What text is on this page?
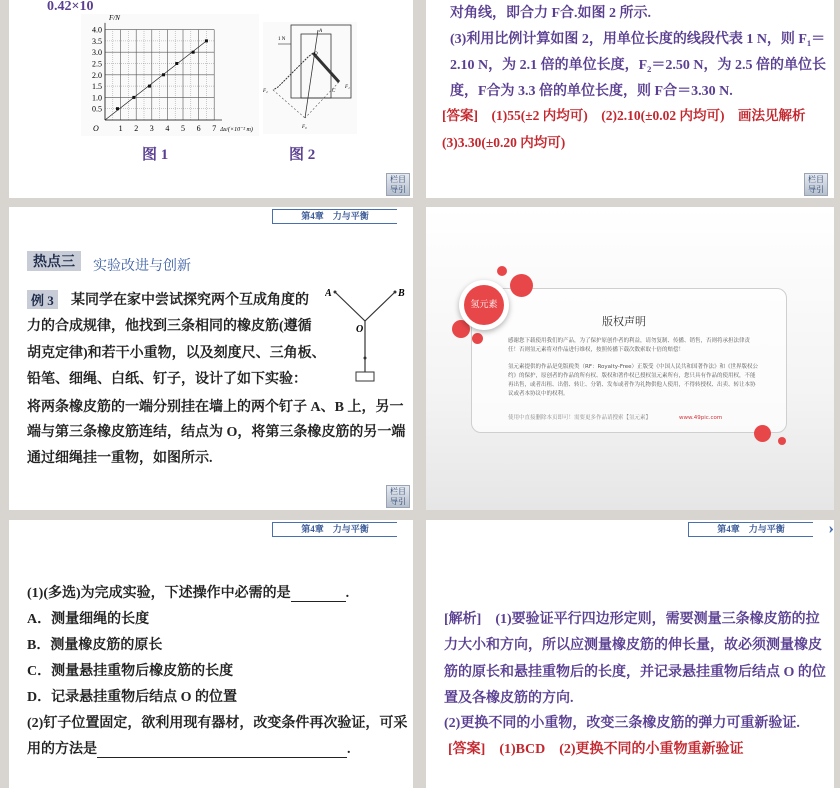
0.42×10
0.5
1.0
1.5
2.0
2.5
3.0
3.5
4.0
1 2 3 4 5 6 7 Δx/(×10⁻² m)
F/N
O
图 1
1 N
A
O
F₂	C
F₁
F₀
图 2
栏目
导引
对角线，即合力 F合.如图 2 所示.
(3)利用比例计算如图 2，用单位长度的线段代表 1 N，则 F₁＝
2.10 N，为 2.1 倍的单位长度，F₂＝2.50 N，为 2.5 倍的单位长
度，F合为 3.3 倍的单位长度，则 F合＝3.30 N.
[答案]　(1)55(±2 内均可)　(2)2.10(±0.02 内均可)　画法见解析
(3)3.30(±0.20 内均可)
栏目
导引
第4章　力与平衡	››
热点三	实验改进与创新
例 3 某同学在家中尝试探究两个互成角度的
力的合成规律，他找到三条相同的橡皮筋(遵循
胡克定律)和若干小重物，以及刻度尺、三角板、
铅笔、细绳、白纸、钉子，设计了如下实验：
将两条橡皮筋的一端分别挂在墙上的两个钉子 A、B 上，另一
端与第三条橡皮筋连结，结点为 O，将第三条橡皮筋的另一端
通过细绳挂一重物，如图所示.
A	B
O
栏目
导引
氢元素
版权声明
感谢您下载使用我们的产品，为了保护原创作者的利益，请勿复制、传播、销售，否则将承担法律责任！否则氢元素将对作品进行维权，按照传播下载次数索取十倍的赔偿！
氢元素提供的作品是免版税类（RF：Royalty-Free）正版受《中国人民共和国著作法》和《世界版权公约》的保护，原创者的作品的所有权、版权和著作权已授权氢元素所有，您只具有作品的使用权，不能再出售，或者出租、出借、转让、分销、发布或者作为礼物供他人使用，不得转授权、出卖、转让本协议或者本协议中的权利。
使用中直接删除本页即可！需要更多作品请搜索【氢元素】	www.49pic.com
第4章　力与平衡	››
(1)(多选)为完成实验，下述操作中必需的是	.
A．测量细绳的长度
B．测量橡皮筋的原长
C．测量悬挂重物后橡皮筋的长度
D．记录悬挂重物后结点 O 的位置
(2)钉子位置固定，欲利用现有器材，改变条件再次验证，可采
用的方法是	.
第4章　力与平衡	››
[解析]　(1)要验证平行四边形定则，需要测量三条橡皮筋的拉
力大小和方向，所以应测量橡皮筋的伸长量，故必须测量橡皮
筋的原长和悬挂重物后的长度，并记录悬挂重物后结点 O 的位
置及各橡皮筋的方向.
(2)更换不同的小重物，改变三条橡皮筋的弹力可重新验证.
[答案]　(1)BCD　(2)更换不同的小重物重新验证
